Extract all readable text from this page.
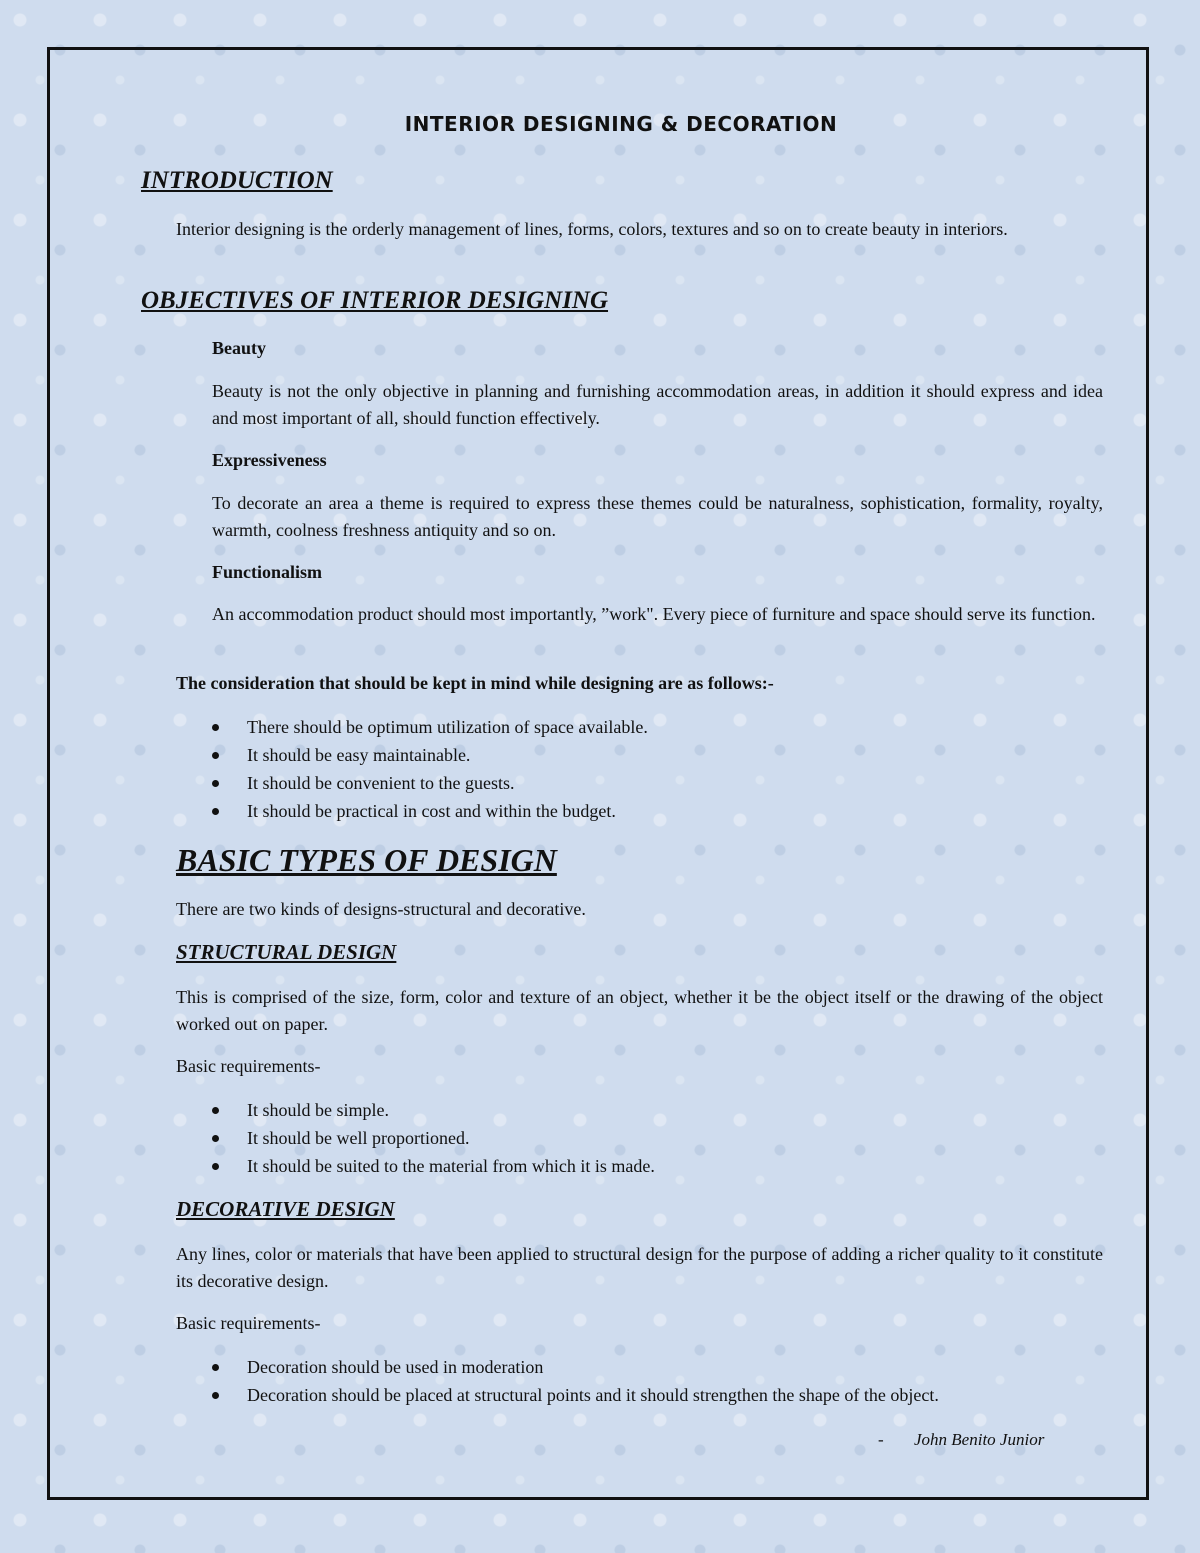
INTERIOR DESIGNING & DECORATION
INTRODUCTION

Interior designing is the orderly management of lines, forms, colors, textures and so on to create beauty in interiors.

OBJECTIVES OF INTERIOR DESIGNING
Beauty

Beauty is not the only objective in planning and furnishing accommodation areas, in addition it should express and idea and most important of all, should function effectively.

Expressiveness

To decorate an area a theme is required to express these themes could be naturalness, sophistication, formality, royalty, warmth, coolness freshness antiquity and so on.

Functionalism

An accommodation product should most importantly, ”work". Every piece of furniture and space should serve its function.

The consideration that should be kept in mind while designing are as follows:-
There should be optimum utilization of space available.
It should be easy maintainable.
It should be convenient to the guests.
It should be practical in cost and within the budget.
BASIC TYPES OF DESIGN

There are two kinds of designs-structural and decorative.

STRUCTURAL DESIGN

This is comprised of the size, form, color and texture of an object, whether it be the object itself or the drawing of the object worked out on paper.

Basic requirements-

It should be simple.
It should be well proportioned.
It should be suited to the material from which it is made.
DECORATIVE DESIGN

Any lines, color or materials that have been applied to structural design for the purpose of adding a richer quality to it constitute its decorative design.

Basic requirements-

Decoration should be used in moderation
Decoration should be placed at structural points and it should strengthen the shape of the object.
- John Benito Junior
